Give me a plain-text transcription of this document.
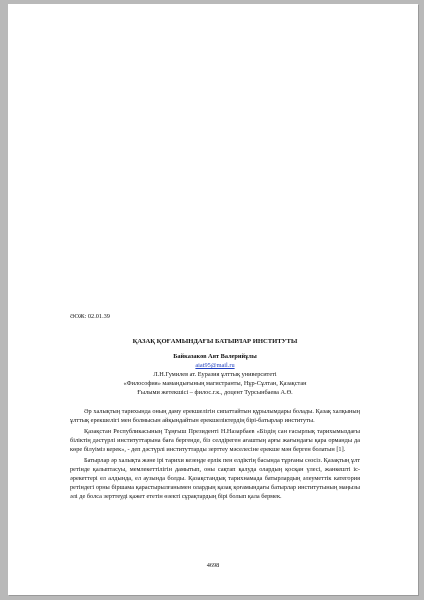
ӘОЖ: 02.01.39

ҚАЗАҚ ҚОҒАМЫНДАҒЫ БАТЫРЛАР ИНСТИТУТЫ

Байказаков Аят Валерийұлы

aiat95@mail.ru

Л.Н.Гумилев ат. Еуразия ұлттық университеті

«Философия» мамандығының магистранты, Нұр-Сұлтан, Қазақстан

Ғылыми жетекшісі – филос.г.к., доцент Турсынбаева А.Ө.

Әр халықтың тарихында оның даму ерекшелігін сипаттайтын құрылымдары болады. Қазақ халқының ұлттық ерекшелігі мен болмысын айқындайтын ерекшеліктердің бірі-батырлар институты.

Қазақстан Республикасының Тұңғыш Президенті Н.Назарбаев «Біздің сан ғасырлық тарихымыздағы біліктің дәстүрлі институттарына баға бергенде, біз селдіреген ағаштың арғы жағындағы қара орманды да көре білуіміз керек», - деп дәстүрлі институттарды зерттеу мәселесіне ерекше мән берген болатын [1].

Батырлар әр халықта және ірі тарихи кезеңде ерлік пен елдіктің басында тұрғаны сөзсіз. Қазақтың ұлт ретінде қалыптасуы, мемлекеттілігін дамытып, оны сақтап қалуда олардың қосқан үлесі, жанкешті іс-әрекеттері ел алдында, ел аузында болды. Қазақстандық тарихнамада батырлардың әлеуметтік категория ретіндегі орны біршама қарастырылғанымен олардың қазақ қоғамындағы батырлар институтының маңызы әлі де болса зерттеуді қажет ететін өзекті сұрақтардың бірі болып қала бермек.

4698
